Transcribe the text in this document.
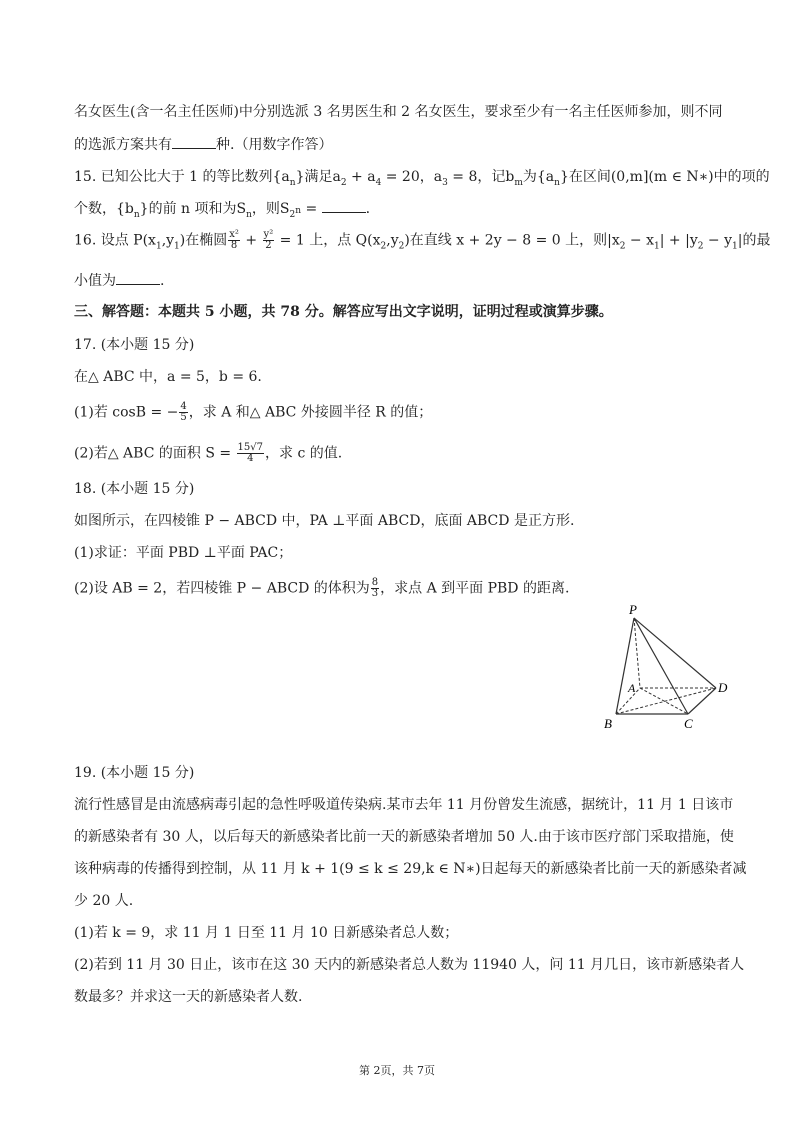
名女医生(含一名主任医师)中分别选派 3 名男医生和 2 名女医生，要求至少有一名主任医师参加，则不同
的选派方案共有	种.（用数字作答）
15. 已知公比大于 1 的等比数列$\{a_n\}$满足$a_2 + a_4 = 20$，$a_3 = 8$，记$b_m$为$\{a_n\}$在区间(0,m](m ∈ N∗)中的项的
个数，$\{b_n\}$的前 n 项和为$S_n$，则$S_{2^n}$ =	.
16. 设点 $P(x_1,y_1)$在椭圆 $\frac{\text{x²}}{8} + \frac{\text{y²}}{2} = 1$ 上，点 $Q(x_2,y_2)$在直线 x + 2y − 8 = 0 上，则$|x_2 - x_1| + |y_2 - y_1|$的最
小值为	.
三、解答题：本题共 5 小题，共 78 分。解答应写出文字说明，证明过程或演算步骤。
17. (本小题 15 分)
在△ ABC 中，a = 5，b = 6.
(1)若 cosB = − $\frac{4}{5}$ ，求 A 和△ ABC 外接圆半径 R 的值；
(2)若△ ABC 的面积 $S = \frac{15√7}{4}$ ，求 c 的值.
18. (本小题 15 分)
如图所示，在四棱锥 P − ABCD 中，PA ⊥平面 ABCD，底面 ABCD 是正方形.
(1)求证：平面 PBD ⊥平面 PAC；
(2)设 AB = 2，若四棱锥 P − ABCD 的体积为 $\frac{8}{3}$ ，求点 A 到平面 PBD 的距离.
P
A
B	C
D
19. (本小题 15 分)
流行性感冒是由流感病毒引起的急性呼吸道传染病.某市去年 11 月份曾发生流感，据统计，11 月 1 日该市
的新感染者有 30 人，以后每天的新感染者比前一天的新感染者增加 50 人.由于该市医疗部门采取措施，使
该种病毒的传播得到控制，从 11 月 k + 1(9 ≤ k ≤ 29,k ∈ N∗)日起每天的新感染者比前一天的新感染者减
少 20 人.
(1)若 k = 9，求 11 月 1 日至 11 月 10 日新感染者总人数；
(2)若到 11 月 30 日止，该市在这 30 天内的新感染者总人数为 11940 人，问 11 月几日，该市新感染者人
数最多？并求这一天的新感染者人数.
第 2页，共 7页
